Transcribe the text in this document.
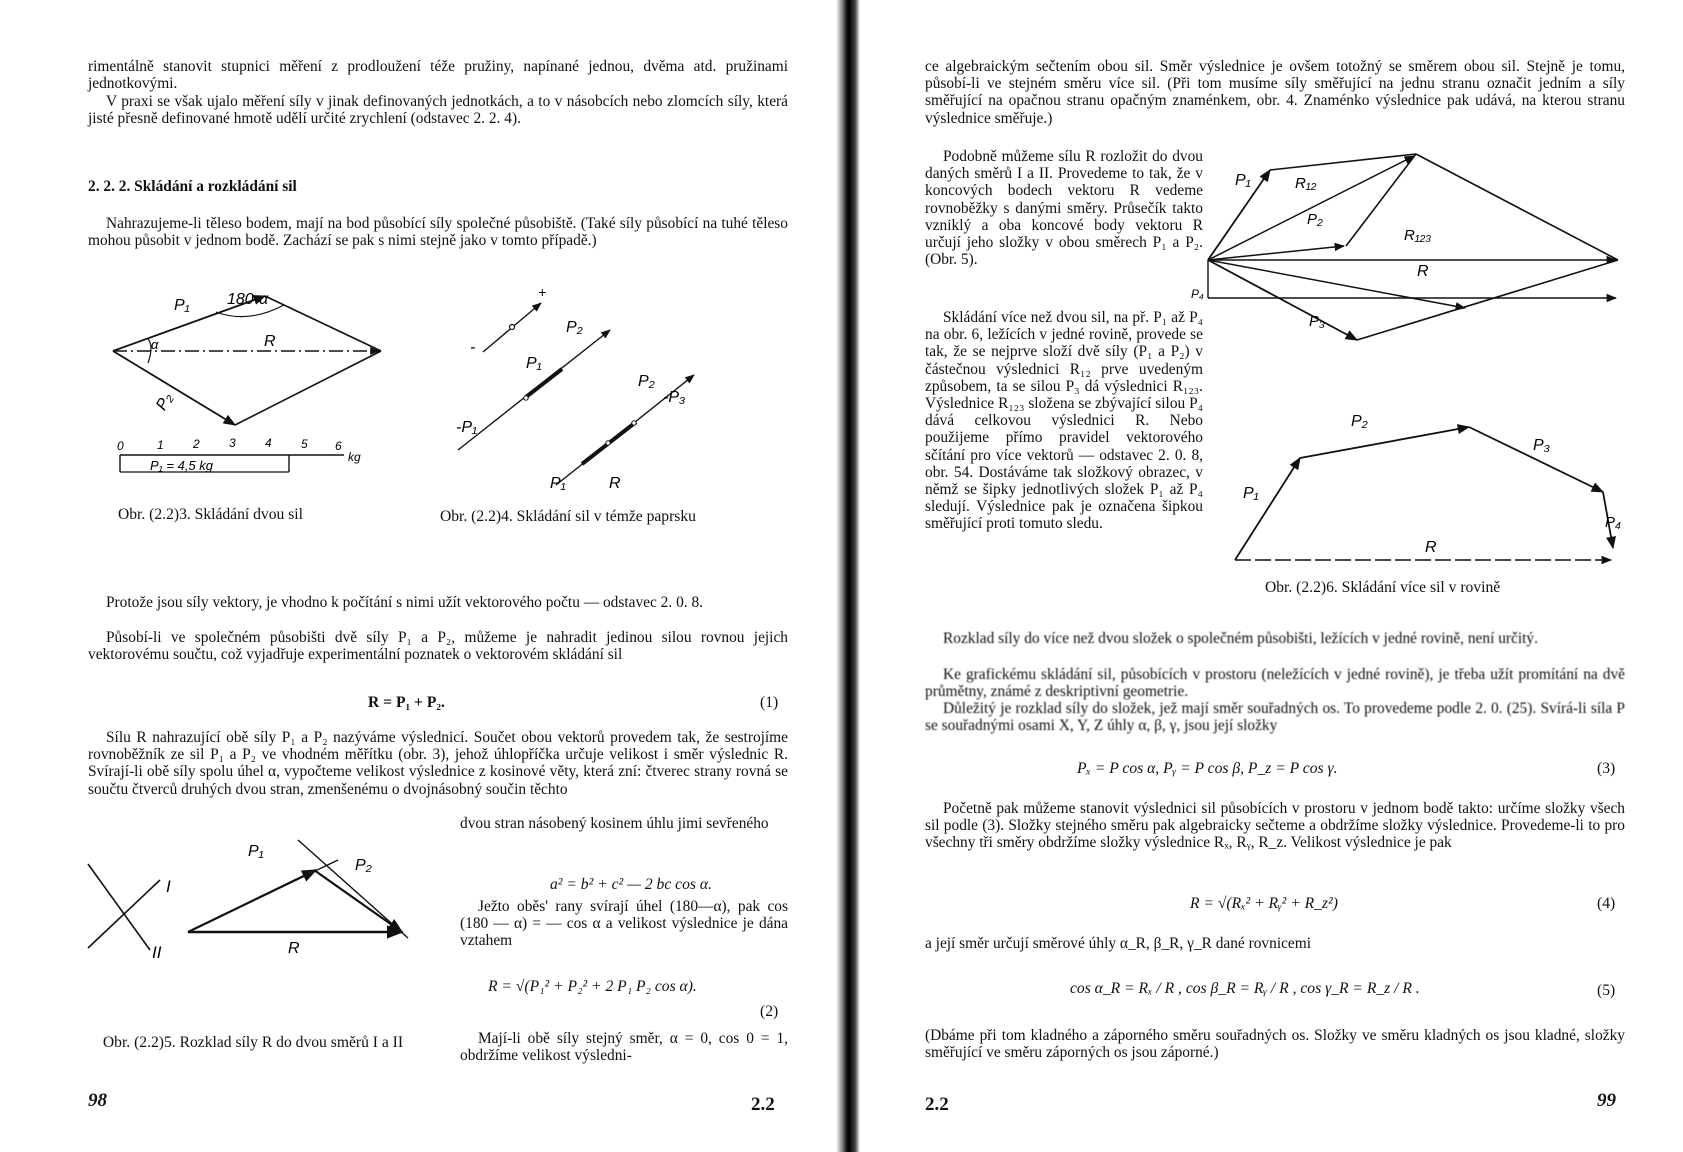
rimentálně stanovit stupnici měření z prodloužení téže pružiny, napínané jednou, dvěma atd. pružinami jednotkovými.

V praxi se však ujalo měření síly v jinak definovaných jednotkách, a to v násobcích nebo zlomcích síly, která jisté přesně definované hmotě udělí určité zrychlení (odstavec 2. 2. 4).

2. 2. 2. Skládání a rozkládání sil

Nahrazujeme-li těleso bodem, mají na bod působící síly společné působiště. (Také síly působící na tuhé těleso mohou působit v jednom bodě. Zachází se pak s nimi stejně jako v tomto případě.)

P₁ 180-α
α	R
P₂
0	1 2 3 4 5 6
kg
P₁ = 4,5 kg
Obr. (2.2)3. Skládání dvou sil
+
-
P₂
P₁
-P₁
P₂
-P₃
P₁	R
Obr. (2.2)4. Skládání sil v témže paprsku

Protože jsou síly vektory, je vhodno k počítání s nimi užít vektorového počtu — odstavec 2. 0. 8.

Působí-li ve společném působišti dvě síly P₁ a P₂, můžeme je nahradit jedinou silou rovnou jejich vektorovému součtu, což vyjadřuje experimentální poznatek o vektorovém skládání sil

R = P₁ + P₂.	(1)

Sílu R nahrazující obě síly P₁ a P₂ nazýváme výslednicí. Součet obou vektorů provedem tak, že sestrojíme rovnoběžník ze sil P₁ a P₂ ve vhodném měřítku (obr. 3), jehož úhlopříčka určuje velikost i směr výslednic R. Svírají-li obě síly spolu úhel α, vypočteme velikost výslednice z kosinové věty, která zní: čtverec strany rovná se součtu čtverců druhých dvou stran, zmenšenému o dvojnásobný součin těchto

dvou stran násobený kosinem úhlu jimi sevřeného

I
II
P₁
P₂
R
Obr. (2.2)5. Rozklad síly R do dvou směrů I a II
a² = b² + c² — 2 bc cos α.

Ježto oběs' rany svírají úhel (180—α), pak cos (180 — α) = — cos α a velikost výslednice je dána vztahem

R = √(P₁² + P₂² + 2 P₁ P₂ cos α).
(2)

Mají-li obě síly stejný směr, α = 0, cos 0 = 1, obdržíme velikost výsledni-

98	2.2

ce algebraickým sečtením obou sil. Směr výslednice je ovšem totožný se směrem obou sil. Stejně je tomu, působí-li ve stejném směru více sil. (Při tom musíme síly směřující na jednu stranu označit jedním a síly směřující na opačnou stranu opačným znaménkem, obr. 4. Znaménko výslednice pak udává, na kterou stranu výslednice směřuje.)

Podobně můžeme sílu R rozložit do dvou daných směrů I a II. Provedeme to tak, že v koncových bodech vektoru R vedeme rovnoběžky s danými směry. Průsečík takto vzniklý a oba koncové body vektoru R určují jeho složky v obou směrech P₁ a P₂. (Obr. 5).

P₁	R₁₂
P₂
R₁₂₃
R
P₃
P₄

Skládání více než dvou sil, na př. P₁ až P₄ na obr. 6, ležících v jedné rovině, provede se tak, že se nejprve složí dvě síly (P₁ a P₂) v částečnou výslednici R₁₂ prve uvedeným způsobem, ta se silou P₃ dá výslednici R₁₂₃. Výslednice R₁₂₃ složena se zbývající silou P₄ dává celkovou výslednici R. Nebo použijeme přímo pravidel vektorového sčítání pro více vektorů — odstavec 2. 0. 8, obr. 54. Dostáváme tak složkový obrazec, v němž se šipky jednotlivých složek P₁ až P₄ sledují. Výslednice pak je označena šipkou směřující proti tomuto sledu.

P₁
P₂
P₃
P₄
R
Obr. (2.2)6. Skládání více sil v rovině

Rozklad síly do více než dvou složek o společném působišti, ležících v jedné rovině, není určitý.

Ke grafickému skládání sil, působících v prostoru (neležících v jedné rovině), je třeba užít promítání na dvě průmětny, známé z deskriptivní geometrie.

Důležitý je rozklad síly do složek, jež mají směr souřadných os. To provedeme podle 2. 0. (25). Svírá-li síla P se souřadnými osami X, Y, Z úhly α, β, γ, jsou její složky

Pₓ = P cos α, Pᵧ = P cos β, P_z = P cos γ.	(3)

Početně pak můžeme stanovit výslednici sil působících v prostoru v jednom bodě takto: určíme složky všech sil podle (3). Složky stejného směru pak algebraicky sečteme a obdržíme složky výslednice. Provedeme-li to pro všechny tři směry obdržíme složky výslednice Rₓ, Rᵧ, R_z. Velikost výslednice je pak

R = √(Rₓ² + Rᵧ² + R_z²)	(4)

a její směr určují směrové úhly α_R, β_R, γ_R dané rovnicemi

cos α_R = Rₓ / R , cos β_R = Rᵧ / R , cos γ_R = R_z / R .	(5)

(Dbáme při tom kladného a záporného směru souřadných os. Složky ve směru kladných os jsou kladné, složky směřující ve směru záporných os jsou záporné.)

2.2	99
